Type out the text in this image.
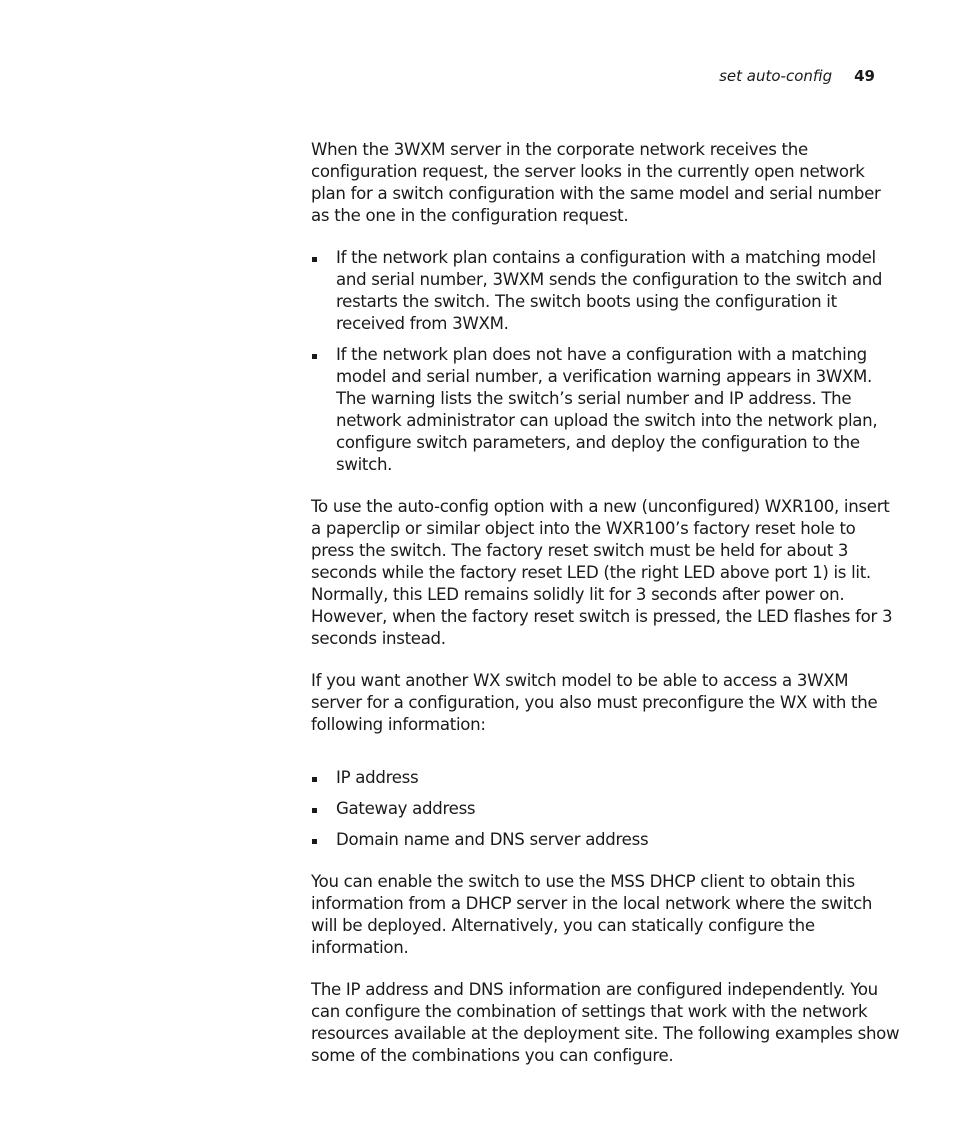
set auto-config 49

When the 3WXM server in the corporate network receives the configuration request, the server looks in the currently open network plan for a switch configuration with the same model and serial number as the one in the configuration request.

If the network plan contains a configuration with a matching model and serial number, 3WXM sends the configuration to the switch and restarts the switch. The switch boots using the configuration it received from 3WXM.
If the network plan does not have a configuration with a matching model and serial number, a verification warning appears in 3WXM. The warning lists the switch’s serial number and IP address. The network administrator can upload the switch into the network plan, configure switch parameters, and deploy the configuration to the switch.

To use the auto-config option with a new (unconfigured) WXR100, insert a paperclip or similar object into the WXR100’s factory reset hole to press the switch. The factory reset switch must be held for about 3 seconds while the factory reset LED (the right LED above port 1) is lit. Normally, this LED remains solidly lit for 3 seconds after power on. However, when the factory reset switch is pressed, the LED flashes for 3 seconds instead.

If you want another WX switch model to be able to access a 3WXM server for a configuration, you also must preconfigure the WX with the following information:

IP address
Gateway address
Domain name and DNS server address

You can enable the switch to use the MSS DHCP client to obtain this information from a DHCP server in the local network where the switch will be deployed. Alternatively, you can statically configure the information.

The IP address and DNS information are configured independently. You can configure the combination of settings that work with the network resources available at the deployment site. The following examples show some of the combinations you can configure.
